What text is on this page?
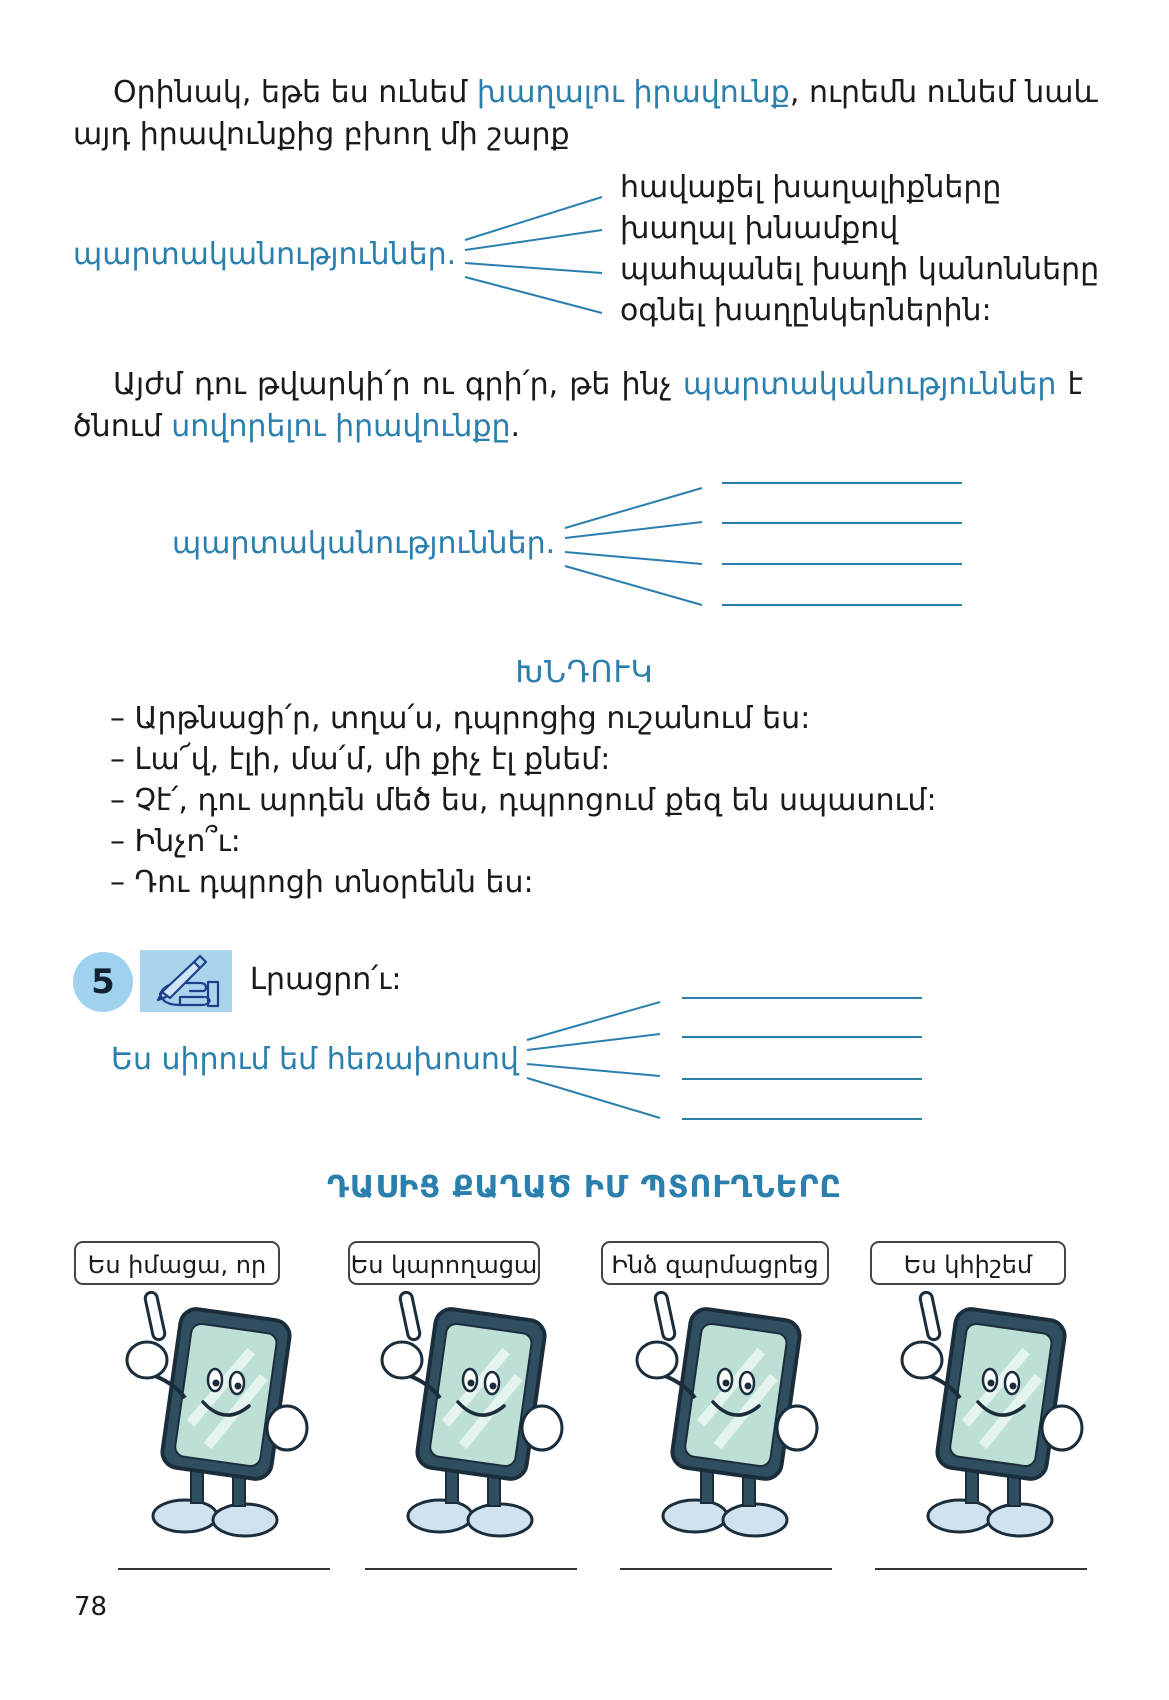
Օրինակ, եթե ես ունեմ խաղալու իրավունք, ուրեմն ունեմ նաև
այդ իրավունքից բխող մի շարք
պարտականություններ.
հավաքել խաղալիքները
խաղալ խնամքով
պահպանել խաղի կանոնները
օգնել խաղընկերներին:
Այժմ դու թվարկի՛ր ու գրի՛ր, թե ինչ պարտականություններ է
ծնում սովորելու իրավունքը.
պարտականություններ.
ԽՆԴՈՒԿ
– Արթնացի՛ր, տղա՛ս, դպրոցից ուշանում ես:
– Լա՜վ, էլի, մա՛մ, մի քիչ էլ քնեմ:
– Չէ՛, դու արդեն մեծ ես, դպրոցում քեզ են սպասում:
– Ինչո՞ւ:
– Դու դպրոցի տնօրենն ես:
5	Լրացրո՛ւ:
Ես սիրում եմ հեռախոսով
ԴԱՍԻՑ ՔԱՂԱԾ ԻՄ ՊՏՈՒՂՆԵՐԸ
Ես իմացա, որ	Ես կարողացա	Ինձ զարմացրեց	Ես կհիշեմ
78
